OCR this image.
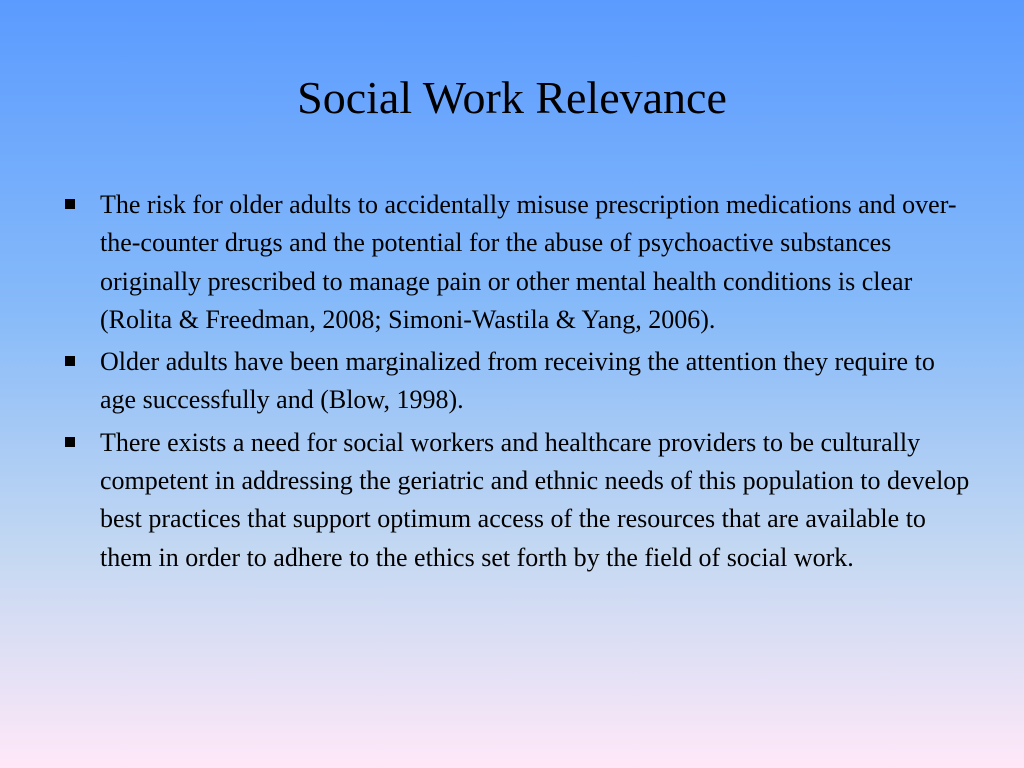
Social Work Relevance
The risk for older adults to accidentally misuse prescription medications and over-the-counter drugs and the potential for the abuse of psychoactive substances originally prescribed to manage pain or other mental health conditions is clear (Rolita & Freedman, 2008; Simoni-Wastila & Yang, 2006).
Older adults have been marginalized from receiving the attention they require to age successfully and (Blow, 1998).
There exists a need for social workers and healthcare providers to be culturally competent in addressing the geriatric and ethnic needs of this population to develop best practices that support optimum access of the resources that are available to them in order to adhere to the ethics set forth by the field of social work.
